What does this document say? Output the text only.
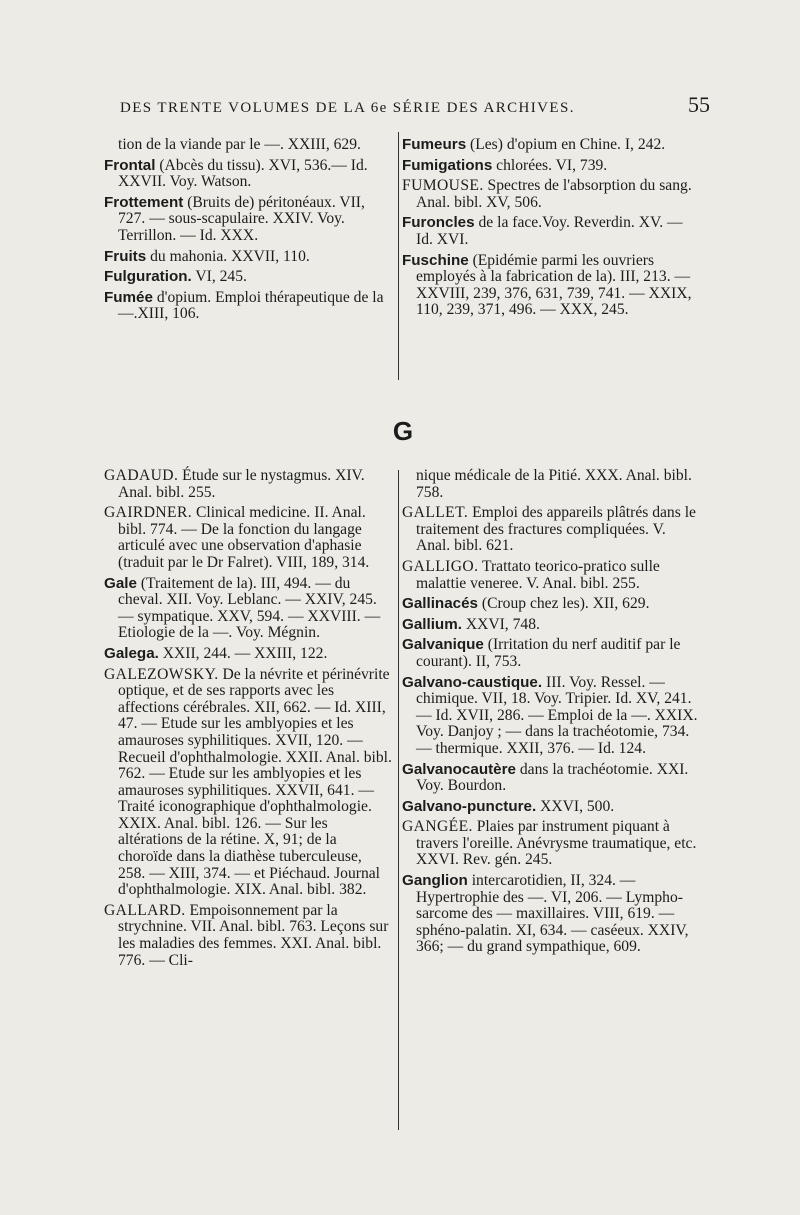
DES TRENTE VOLUMES DE LA 6e SÉRIE DES ARCHIVES.	55
tion de la viande par le —. XXIII, 629.
Frontal (Abcès du tissu). XVI, 536.— Id. XXVII. Voy. Watson.
Frottement (Bruits de) péritonéaux. VII, 727. — sous-scapulaire. XXIV. Voy. Terrillon. — Id. XXX.
Fruits du mahonia. XXVII, 110.
Fulguration. VI, 245.
Fumée d'opium. Emploi thérapeutique de la —.XIII, 106.
Fumeurs (Les) d'opium en Chine. I, 242.
Fumigations chlorées. VI, 739.
FUMOUSE. Spectres de l'absorption du sang. Anal. bibl. XV, 506.
Furoncles de la face.Voy. Reverdin. XV. — Id. XVI.
Fuschine (Epidémie parmi les ouvriers employés à la fabrication de la). III, 213. — XXVIII, 239, 376, 631, 739, 741. — XXIX, 110, 239, 371, 496. — XXX, 245.
G
GADAUD. Étude sur le nystagmus. XIV. Anal. bibl. 255.
GAIRDNER. Clinical medicine. II. Anal. bibl. 774. — De la fonction du langage articulé avec une observation d'aphasie (traduit par le Dr Falret). VIII, 189, 314.
Gale (Traitement de la). III, 494. — du cheval. XII. Voy. Leblanc. — XXIV, 245. — sympatique. XXV, 594. — XXVIII. — Etiologie de la —. Voy. Mégnin.
Galega. XXII, 244. — XXIII, 122.
GALEZOWSKY. De la névrite et périnévrite optique, et de ses rapports avec les affections cérébrales. XII, 662. — Id. XIII, 47. — Etude sur les amblyopies et les amauroses syphilitiques. XVII, 120. — Recueil d'ophthalmologie. XXII. Anal. bibl. 762. — Etude sur les amblyopies et les amauroses syphilitiques. XXVII, 641. — Traité iconographique d'ophthalmologie. XXIX. Anal. bibl. 126. — Sur les altérations de la rétine. X, 91; de la choroïde dans la diathèse tuberculeuse, 258. — XIII, 374. — et Piéchaud. Journal d'ophthalmologie. XIX. Anal. bibl. 382.
GALLARD. Empoisonnement par la strychnine. VII. Anal. bibl. 763. Leçons sur les maladies des femmes. XXI. Anal. bibl. 776. — Cli-
nique médicale de la Pitié. XXX. Anal. bibl. 758.
GALLET. Emploi des appareils plâtrés dans le traitement des fractures compliquées. V. Anal. bibl. 621.
GALLIGO. Trattato teorico-pratico sulle malattie veneree. V. Anal. bibl. 255.
Gallinacés (Croup chez les). XII, 629.
Gallium. XXVI, 748.
Galvanique (Irritation du nerf auditif par le courant). II, 753.
Galvano-caustique. III. Voy. Ressel. — chimique. VII, 18. Voy. Tripier. Id. XV, 241. — Id. XVII, 286. — Emploi de la —. XXIX. Voy. Danjoy ; — dans la trachéotomie, 734. — thermique. XXII, 376. — Id. 124.
Galvanocautère dans la trachéotomie. XXI. Voy. Bourdon.
Galvano-puncture. XXVI, 500.
GANGÉE. Plaies par instrument piquant à travers l'oreille. Anévrysme traumatique, etc. XXVI. Rev. gén. 245.
Ganglion intercarotidien, II, 324. — Hypertrophie des —. VI, 206. — Lympho-sarcome des — maxillaires. VIII, 619. — sphéno-palatin. XI, 634. — caséeux. XXIV, 366; — du grand sympathique, 609.
